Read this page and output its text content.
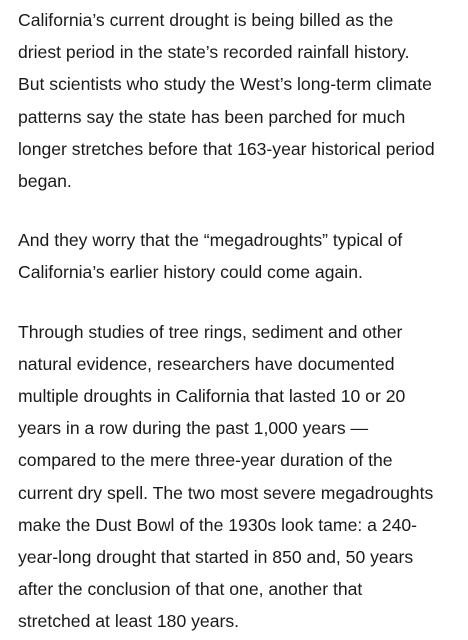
California’s current drought is being billed as the
driest period in the state’s recorded rainfall history.
But scientists who study the West’s long-term climate
patterns say the state has been parched for much
longer stretches before that 163-year historical period
began.

And they worry that the “megadroughts” typical of
California’s earlier history could come again.

Through studies of tree rings, sediment and other
natural evidence, researchers have documented
multiple droughts in California that lasted 10 or 20
years in a row during the past 1,000 years —
compared to the mere three-year duration of the
current dry spell. The two most severe megadroughts
make the Dust Bowl of the 1930s look tame: a 240-
year-long drought that started in 850 and, 50 years
after the conclusion of that one, another that
stretched at least 180 years.
